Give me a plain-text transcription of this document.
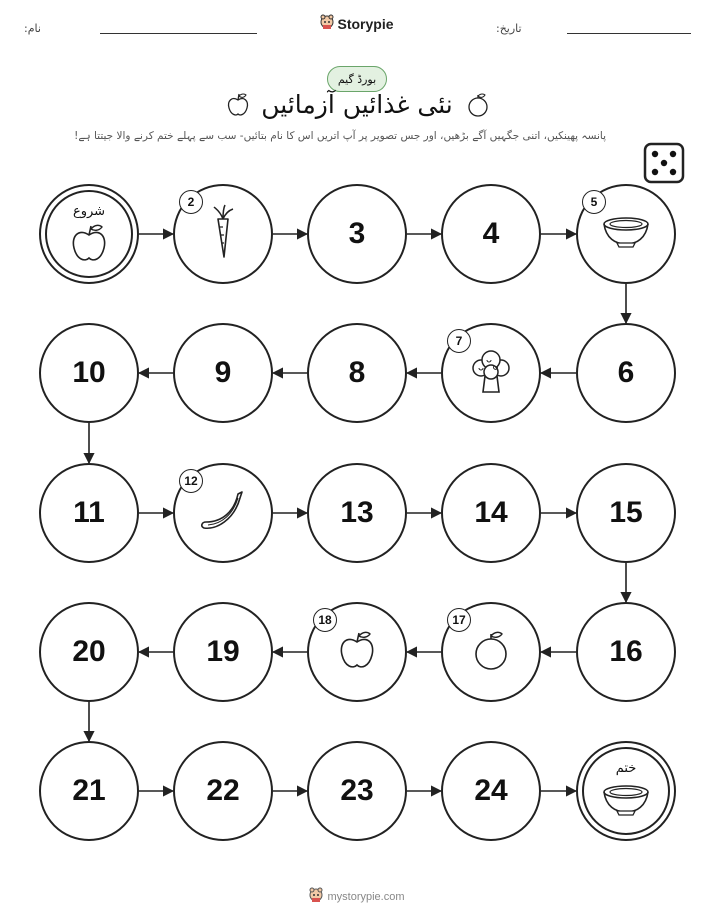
نام:	Storypie	تاریخ:
بورڈ گیم
نئی غذائیں آزمائیں
پانسہ پھینکیں، اتنی جگہیں آگے بڑھیں، اور جس تصویر پر آپ اتریں اس کا نام بتائیں- سب سے پہلے ختم کرنے والا جیتتا ہے!
شروع
2
3	4
5
6
7
8
9
10
11
12
13	14	15
16
17
18
19
20
21	22	23	24
ختم
mystorypie.com
